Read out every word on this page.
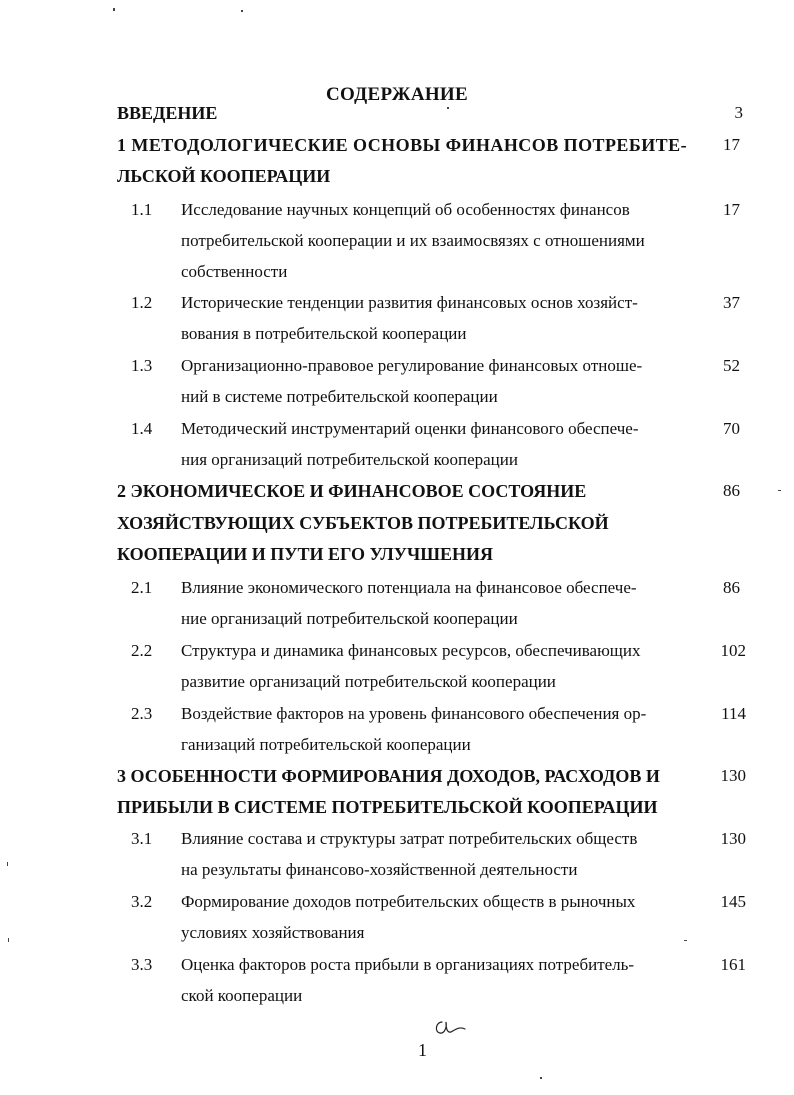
СОДЕРЖАНИЕ
ВВЕДЕНИЕ	3
1 МЕТОДОЛОГИЧЕСКИЕ ОСНОВЫ ФИНАНСОВ ПОТРЕБИТЕ-
ЛЬСКОЙ КООПЕРАЦИИ
17
1.1 Исследование научных концепций об особенностях финансов
потребительской кооперации и их взаимосвязях с отношениями
собственности
17
1.2 Исторические тенденции развития финансовых основ хозяйст-
вования в потребительской кооперации
37
1.3 Организационно-правовое регулирование финансовых отноше-
ний в системе потребительской кооперации
52
1.4 Методический инструментарий оценки финансового обеспече-
ния организаций потребительской кооперации
70
2 ЭКОНОМИЧЕСКОЕ И ФИНАНСОВОЕ СОСТОЯНИЕ
ХОЗЯЙСТВУЮЩИХ СУБЪЕКТОВ ПОТРЕБИТЕЛЬСКОЙ
КООПЕРАЦИИ И ПУТИ ЕГО УЛУЧШЕНИЯ
86
2.1 Влияние экономического потенциала на финансовое обеспече-
ние организаций потребительской кооперации
86
2.2 Структура и динамика финансовых ресурсов, обеспечивающих
развитие организаций потребительской кооперации
102
2.3 Воздействие факторов на уровень финансового обеспечения ор-
ганизаций потребительской кооперации
114
3 ОСОБЕННОСТИ ФОРМИРОВАНИЯ ДОХОДОВ, РАСХОДОВ И
ПРИБЫЛИ В СИСТЕМЕ ПОТРЕБИТЕЛЬСКОЙ КООПЕРАЦИИ
130
3.1 Влияние состава и структуры затрат потребительских обществ
на результаты финансово-хозяйственной деятельности
130
3.2 Формирование доходов потребительских обществ в рыночных
условиях хозяйствования
145
3.3 Оценка факторов роста прибыли в организациях потребитель-
ской кооперации
161
1
